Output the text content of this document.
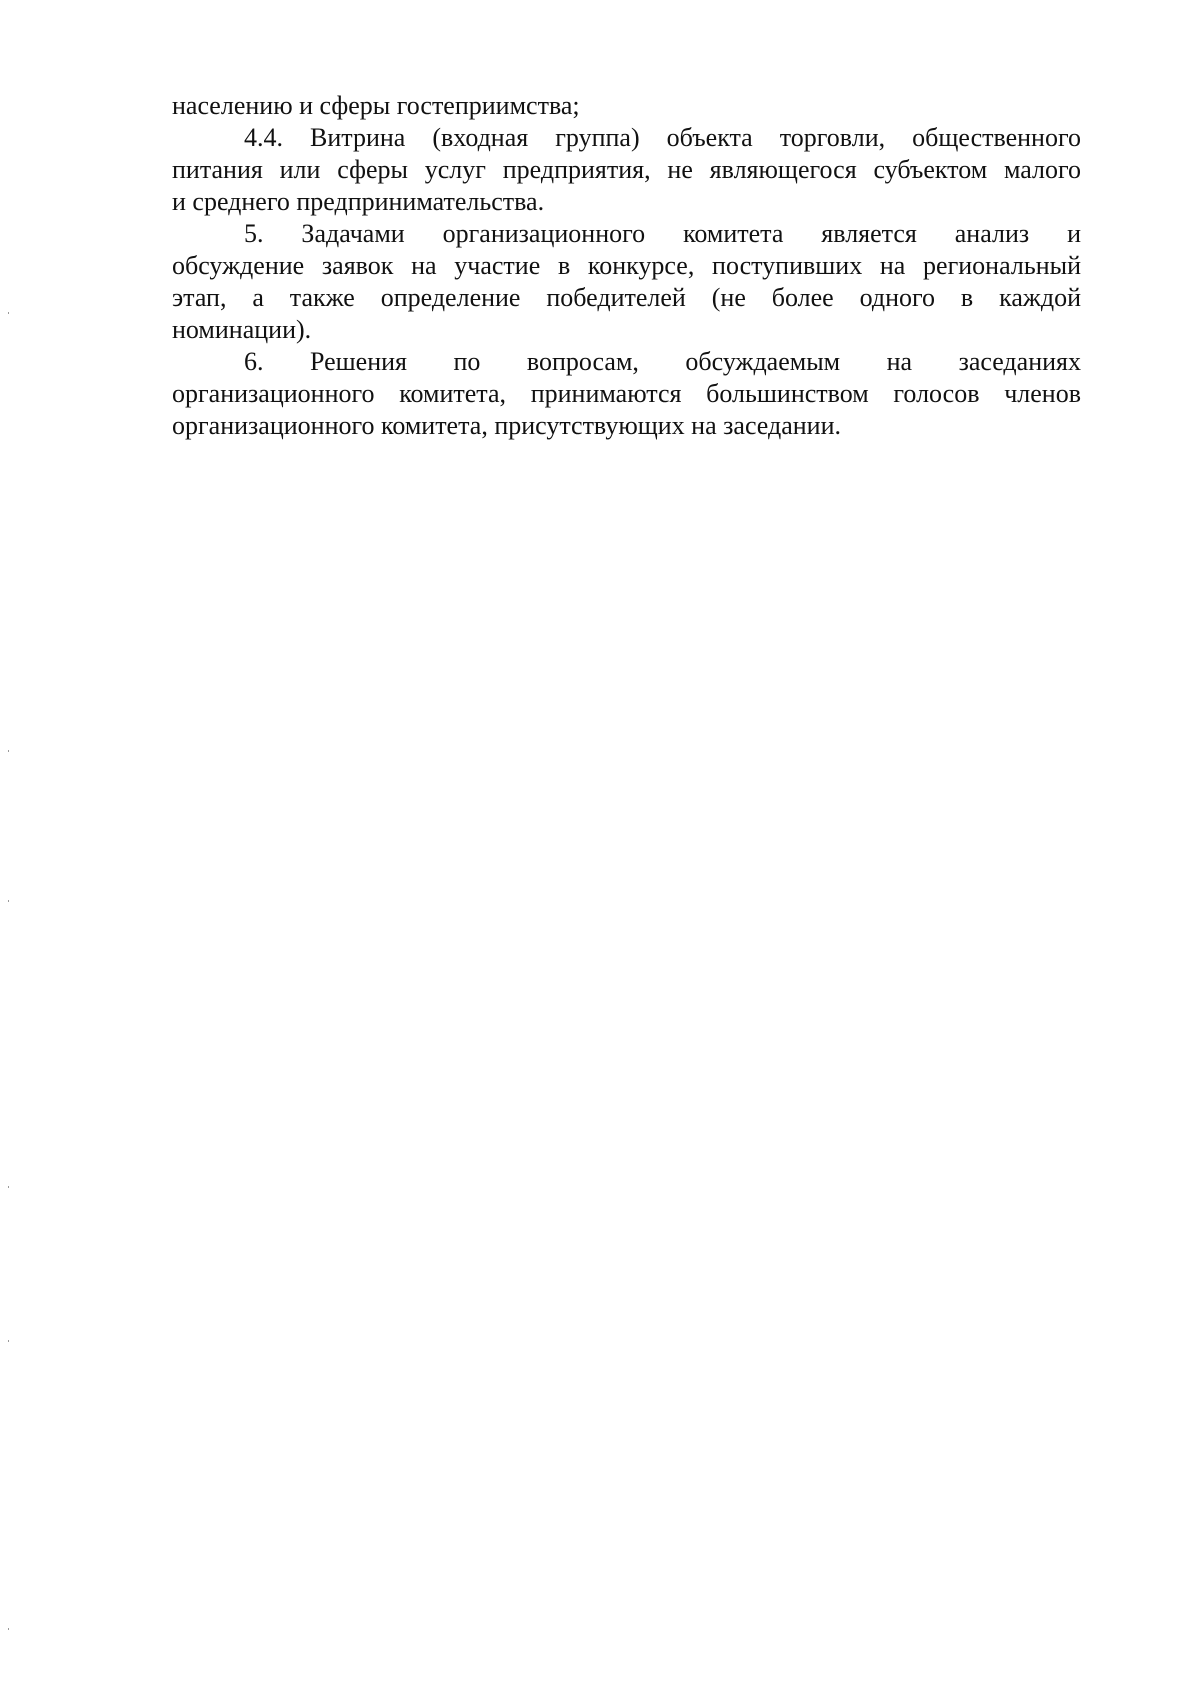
населению и сферы гостеприимства;
4.4. Витрина (входная группа) объекта торговли, общественного
питания или сферы услуг предприятия, не являющегося субъектом малого
и среднего предпринимательства.
5. Задачами организационного комитета является анализ и
обсуждение заявок на участие в конкурсе, поступивших на региональный
этап, а также определение победителей (не более одного в каждой
номинации).
6. Решения по вопросам, обсуждаемым на заседаниях
организационного комитета, принимаются большинством голосов членов
организационного комитета, присутствующих на заседании.
